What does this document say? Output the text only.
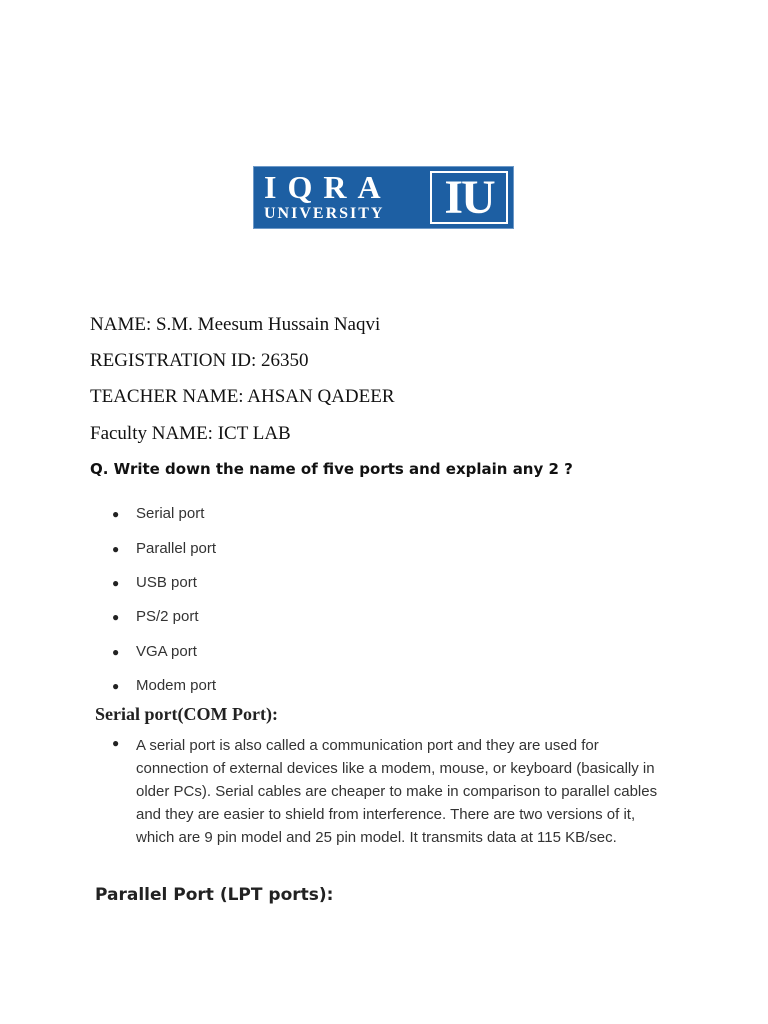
IQRA
UNIVERSITY IU

NAME: S.M. Meesum Hussain Naqvi

REGISTRATION ID: 26350

TEACHER NAME: AHSAN QADEER

Faculty NAME: ICT LAB

Q. Write down the name of five ports and explain any 2 ?

● Serial port
● Parallel port
● USB port
● PS/2 port
● VGA port
● Modem port
Serial port(COM Port):
● A serial port is also called a communication port and they are used for connection of external devices like a modem, mouse, or keyboard (basically in older PCs). Serial cables are cheaper to make in comparison to parallel cables and they are easier to shield from interference. There are two versions of it, which are 9 pin model and 25 pin model. It transmits data at 115 KB/sec.

Parallel Port (LPT ports):
